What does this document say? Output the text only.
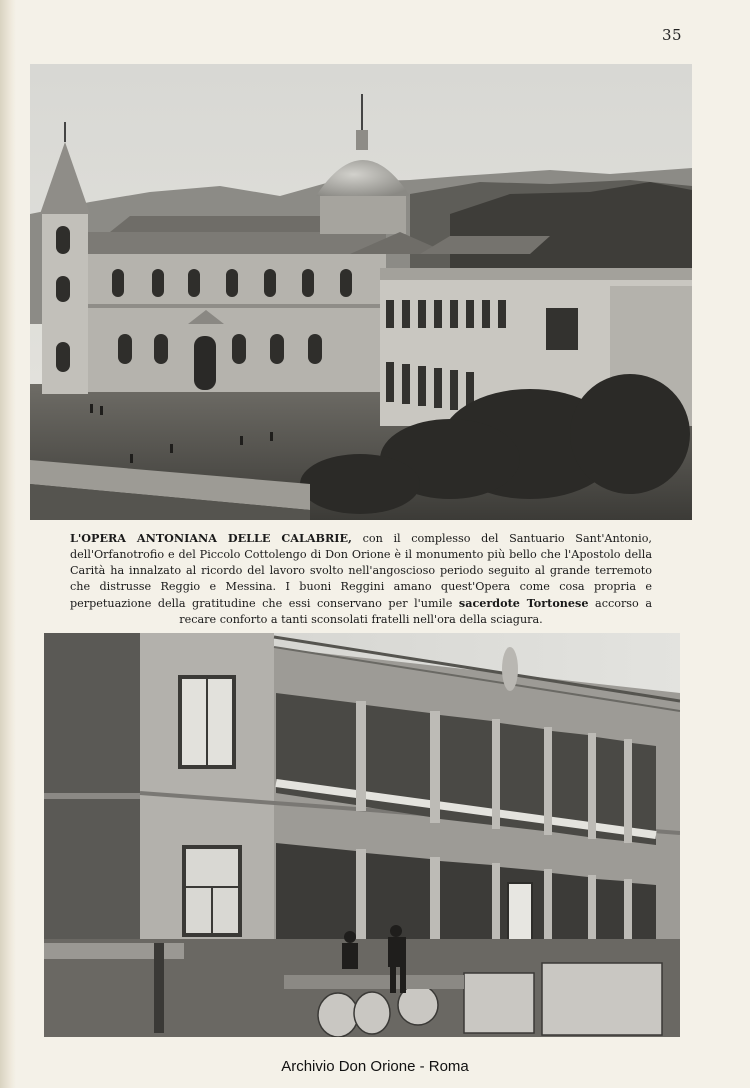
35
L'OPERA ANTONIANA DELLE CALABRIE, con il complesso del Santuario Sant'Antonio, dell'Orfanotrofio e del Piccolo Cottolengo di Don Orione è il monumento più bello che l'Apostolo della Carità ha innalzato al ricordo del lavoro svolto nell'angoscioso periodo seguito al grande terremoto che distrusse Reggio e Messina. I buoni Reggini amano quest'Opera come cosa propria e perpetuazione della gratitudine che essi conservano per l'umile sacerdote Tortonese accorso a recare conforto a tanti sconsolati fratelli nell'ora della sciagura.
Archivio Don Orione - Roma
